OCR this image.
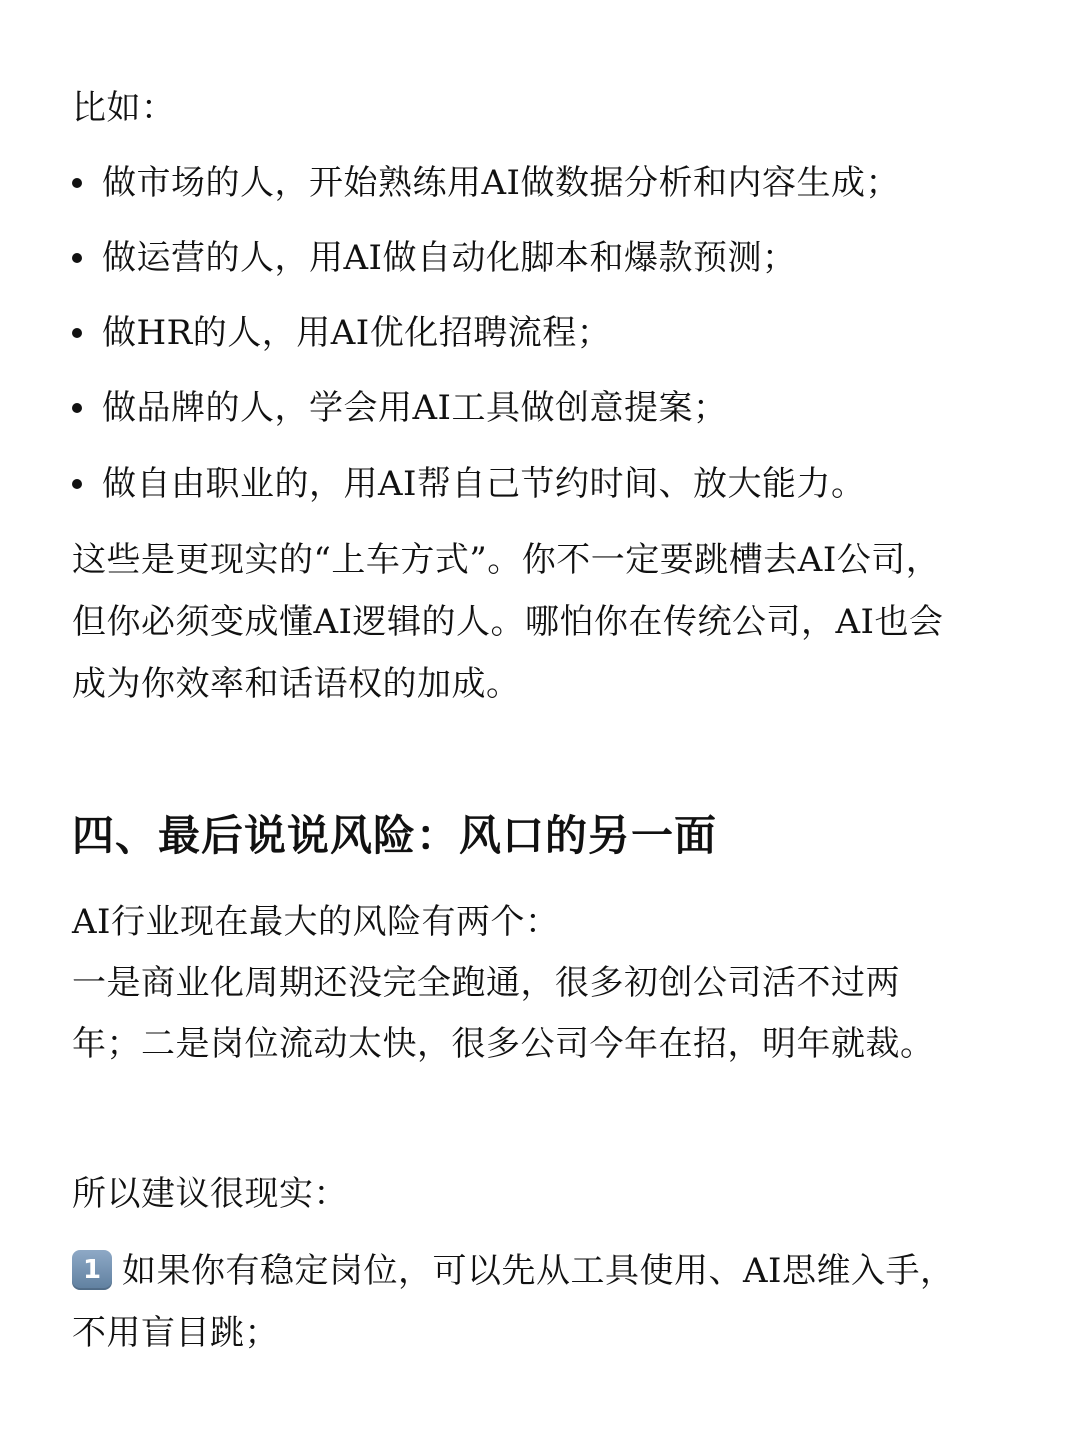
比如：
做市场的人，开始熟练用AI做数据分析和内容生成；
做运营的人，用AI做自动化脚本和爆款预测；
做HR的人，用AI优化招聘流程；
做品牌的人，学会用AI工具做创意提案；
做自由职业的，用AI帮自己节约时间、放大能力。
这些是更现实的“上车方式”。你不一定要跳槽去AI公司，
但你必须变成懂AI逻辑的人。哪怕你在传统公司，AI也会
成为你效率和话语权的加成。
四、最后说说风险：风口的另一面
AI行业现在最大的风险有两个：
一是商业化周期还没完全跑通，很多初创公司活不过两
年；二是岗位流动太快，很多公司今年在招，明年就裁。
所以建议很现实：
1 如果你有稳定岗位，可以先从工具使用、AI思维入手，
不用盲目跳；
